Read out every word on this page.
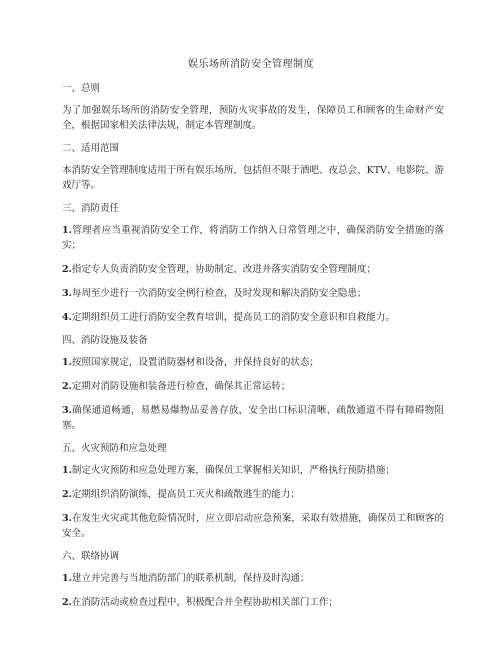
娱乐场所消防安全管理制度
一、总则
为了加强娱乐场所的消防安全管理，预防火灾事故的发生，保障员工和顾客的生命财产安全，根据国家相关法律法规，制定本管理制度。
二、适用范围
本消防安全管理制度适用于所有娱乐场所，包括但不限于酒吧、夜总会、KTV、电影院、游戏厅等。
三、消防责任
1.管理者应当重视消防安全工作，将消防工作纳入日常管理之中，确保消防安全措施的落实；
2.指定专人负责消防安全管理，协助制定、改进并落实消防安全管理制度；
3.每周至少进行一次消防安全例行检查，及时发现和解决消防安全隐患；
4.定期组织员工进行消防安全教育培训，提高员工的消防安全意识和自救能力。
四、消防设施及装备
1.按照国家规定，设置消防器材和设备，并保持良好的状态；
2.定期对消防设施和装备进行检查，确保其正常运转；
3.确保通道畅通，易燃易爆物品妥善存放，安全出口标识清晰，疏散通道不得有障碍物阻塞。
五、火灾预防和应急处理
1.制定火灾预防和应急处理方案，确保员工掌握相关知识，严格执行预防措施；
2.定期组织消防演练，提高员工灭火和疏散逃生的能力；
3.在发生火灾或其他危险情况时，应立即启动应急预案，采取有效措施，确保员工和顾客的安全。
六、联络协调
1.建立并完善与当地消防部门的联系机制，保持及时沟通；
2.在消防活动或检查过程中，积极配合并全程协助相关部门工作；
